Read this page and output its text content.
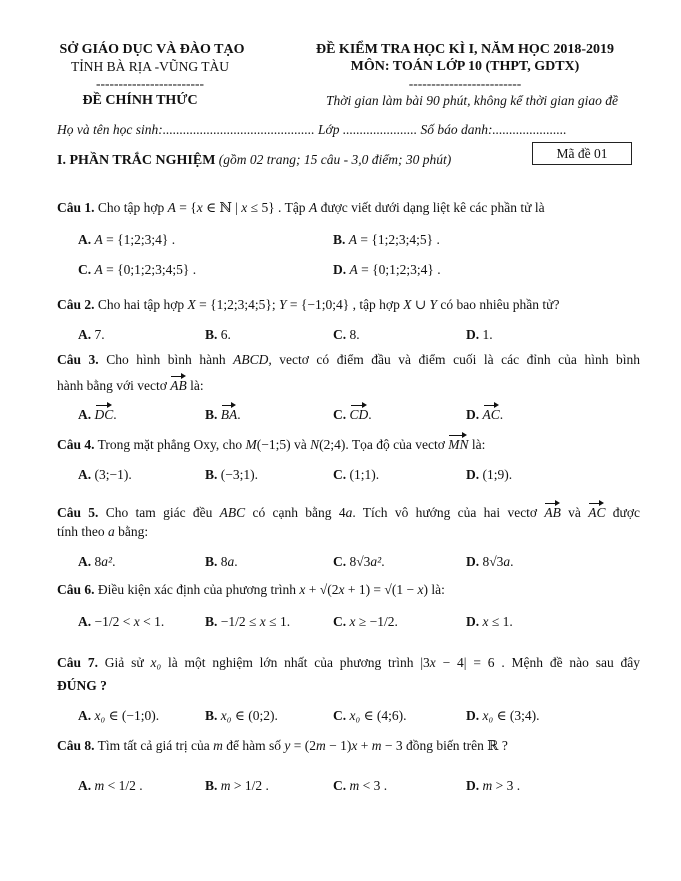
SỞ GIÁO DỤC VÀ ĐÀO TẠO
TỈNH BÀ RỊA -VŨNG TÀU
------------------------
ĐỀ CHÍNH THỨC
ĐỀ KIỂM TRA HỌC KÌ I, NĂM HỌC 2018-2019
MÔN: TOÁN LỚP 10 (THPT, GDTX)
-------------------------
Thời gian làm bài 90 phút, không kể thời gian giao đề
Họ và tên học sinh:............................................. Lớp ...................... Số báo danh:......................
I. PHẦN TRẮC NGHIỆM (gồm 02 trang; 15 câu - 3,0 điểm; 30 phút)	Mã đề 01
Câu 1. Cho tập hợp A = {x ∈ ℕ | x ≤ 5} . Tập A được viết dưới dạng liệt kê các phần tử là
A. A = {1;2;3;4} .	B. A = {1;2;3;4;5} .
C. A = {0;1;2;3;4;5} .	D. A = {0;1;2;3;4} .
Câu 2. Cho hai tập hợp X = {1;2;3;4;5}; Y = {−1;0;4} , tập hợp X ∪ Y có bao nhiêu phần tử?
A. 7.	B. 6.	C. 8.	D. 1.
Câu 3. Cho hình bình hành ABCD, vectơ có điểm đầu và điểm cuối là các đỉnh của hình bình
hành bằng với vectơ AB là:
A. DC.	B. BA.	C. CD.	D. AC.
Câu 4. Trong mặt phẳng Oxy, cho M(−1;5) và N(2;4). Tọa độ của vectơ MN là:
A. (3;−1).	B. (−3;1).	C. (1;1).	D. (1;9).
Câu 5. Cho tam giác đều ABC có cạnh bằng 4a. Tích vô hướng của hai vectơ AB và AC được
tính theo a bằng:
A. 8a².	B. 8a.	C. 8√3a².	D. 8√3a.
Câu 6. Điều kiện xác định của phương trình x + √(2x + 1) = √(1 − x) là:
A. −1/2 < x < 1.	B. −1/2 ≤ x ≤ 1.	C. x ≥ −1/2.	D. x ≤ 1.
Câu 7. Giả sử x₀ là một nghiệm lớn nhất của phương trình |3x − 4| = 6 . Mệnh đề nào sau đây
ĐÚNG ?
A. x₀ ∈ (−1;0).	B. x₀ ∈ (0;2).	C. x₀ ∈ (4;6).	D. x₀ ∈ (3;4).
Câu 8. Tìm tất cả giá trị của m để hàm số y = (2m − 1)x + m − 3 đồng biến trên ℝ ?
A. m < 1/2 .	B. m > 1/2 .	C. m < 3 .	D. m > 3 .
